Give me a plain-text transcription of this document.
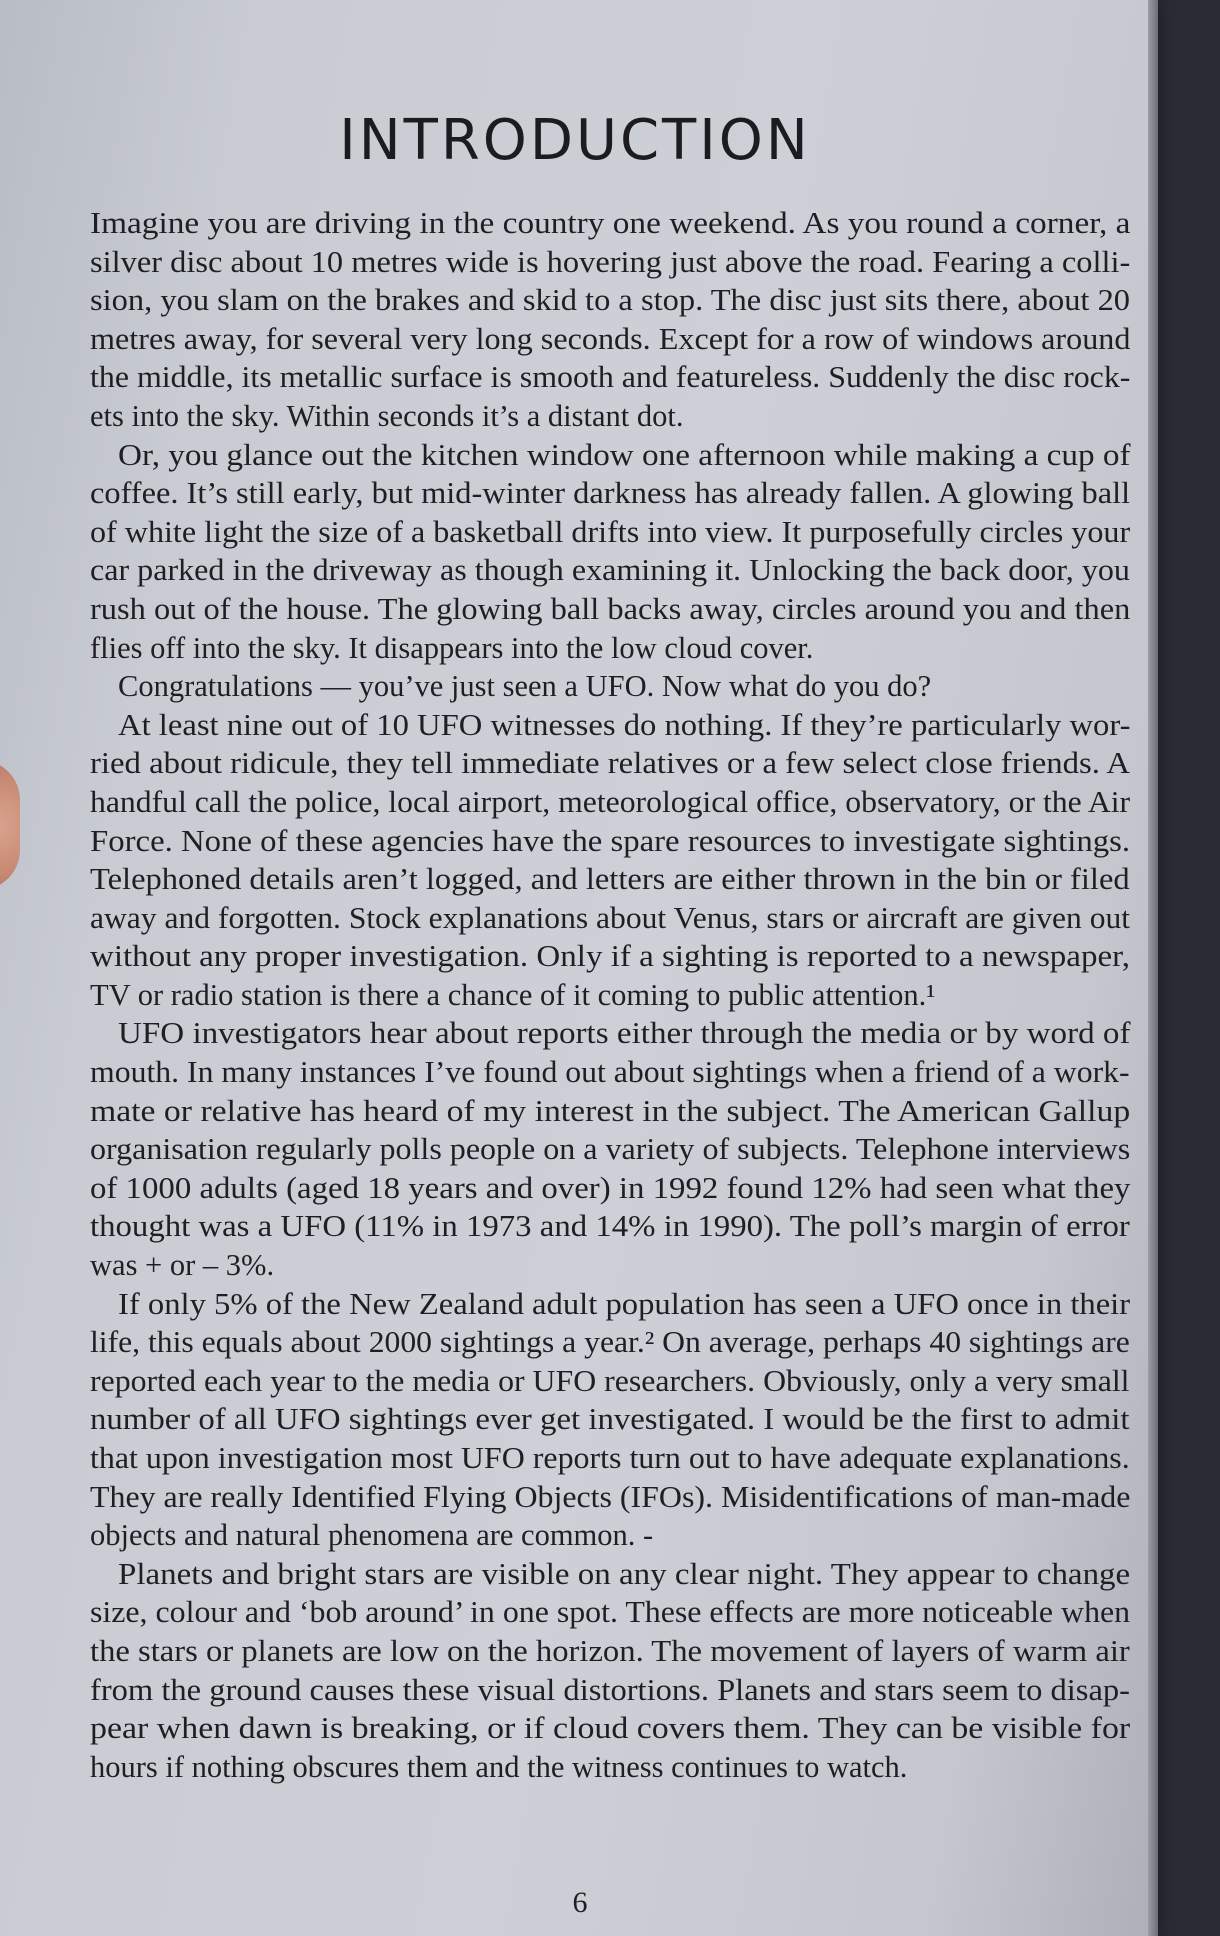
INTRODUCTION
Imagine you are driving in the country one weekend. As you round a corner, a
silver disc about 10 metres wide is hovering just above the road. Fearing a colli-
sion, you slam on the brakes and skid to a stop. The disc just sits there, about 20
metres away, for several very long seconds. Except for a row of windows around
the middle, its metallic surface is smooth and featureless. Suddenly the disc rock-
ets into the sky. Within seconds it’s a distant dot.
Or, you glance out the kitchen window one afternoon while making a cup of
coffee. It’s still early, but mid-winter darkness has already fallen. A glowing ball
of white light the size of a basketball drifts into view. It purposefully circles your
car parked in the driveway as though examining it. Unlocking the back door, you
rush out of the house. The glowing ball backs away, circles around you and then
flies off into the sky. It disappears into the low cloud cover.
Congratulations — you’ve just seen a UFO. Now what do you do?
At least nine out of 10 UFO witnesses do nothing. If they’re particularly wor-
ried about ridicule, they tell immediate relatives or a few select close friends. A
handful call the police, local airport, meteorological office, observatory, or the Air
Force. None of these agencies have the spare resources to investigate sightings.
Telephoned details aren’t logged, and letters are either thrown in the bin or filed
away and forgotten. Stock explanations about Venus, stars or aircraft are given out
without any proper investigation. Only if a sighting is reported to a newspaper,
TV or radio station is there a chance of it coming to public attention.¹
UFO investigators hear about reports either through the media or by word of
mouth. In many instances I’ve found out about sightings when a friend of a work-
mate or relative has heard of my interest in the subject. The American Gallup
organisation regularly polls people on a variety of subjects. Telephone interviews
of 1000 adults (aged 18 years and over) in 1992 found 12% had seen what they
thought was a UFO (11% in 1973 and 14% in 1990). The poll’s margin of error
was + or – 3%.
If only 5% of the New Zealand adult population has seen a UFO once in their
life, this equals about 2000 sightings a year.² On average, perhaps 40 sightings are
reported each year to the media or UFO researchers. Obviously, only a very small
number of all UFO sightings ever get investigated. I would be the first to admit
that upon investigation most UFO reports turn out to have adequate explanations.
They are really Identified Flying Objects (IFOs). Misidentifications of man-made
objects and natural phenomena are common. -
Planets and bright stars are visible on any clear night. They appear to change
size, colour and ‘bob around’ in one spot. These effects are more noticeable when
the stars or planets are low on the horizon. The movement of layers of warm air
from the ground causes these visual distortions. Planets and stars seem to disap-
pear when dawn is breaking, or if cloud covers them. They can be visible for
hours if nothing obscures them and the witness continues to watch.
6
